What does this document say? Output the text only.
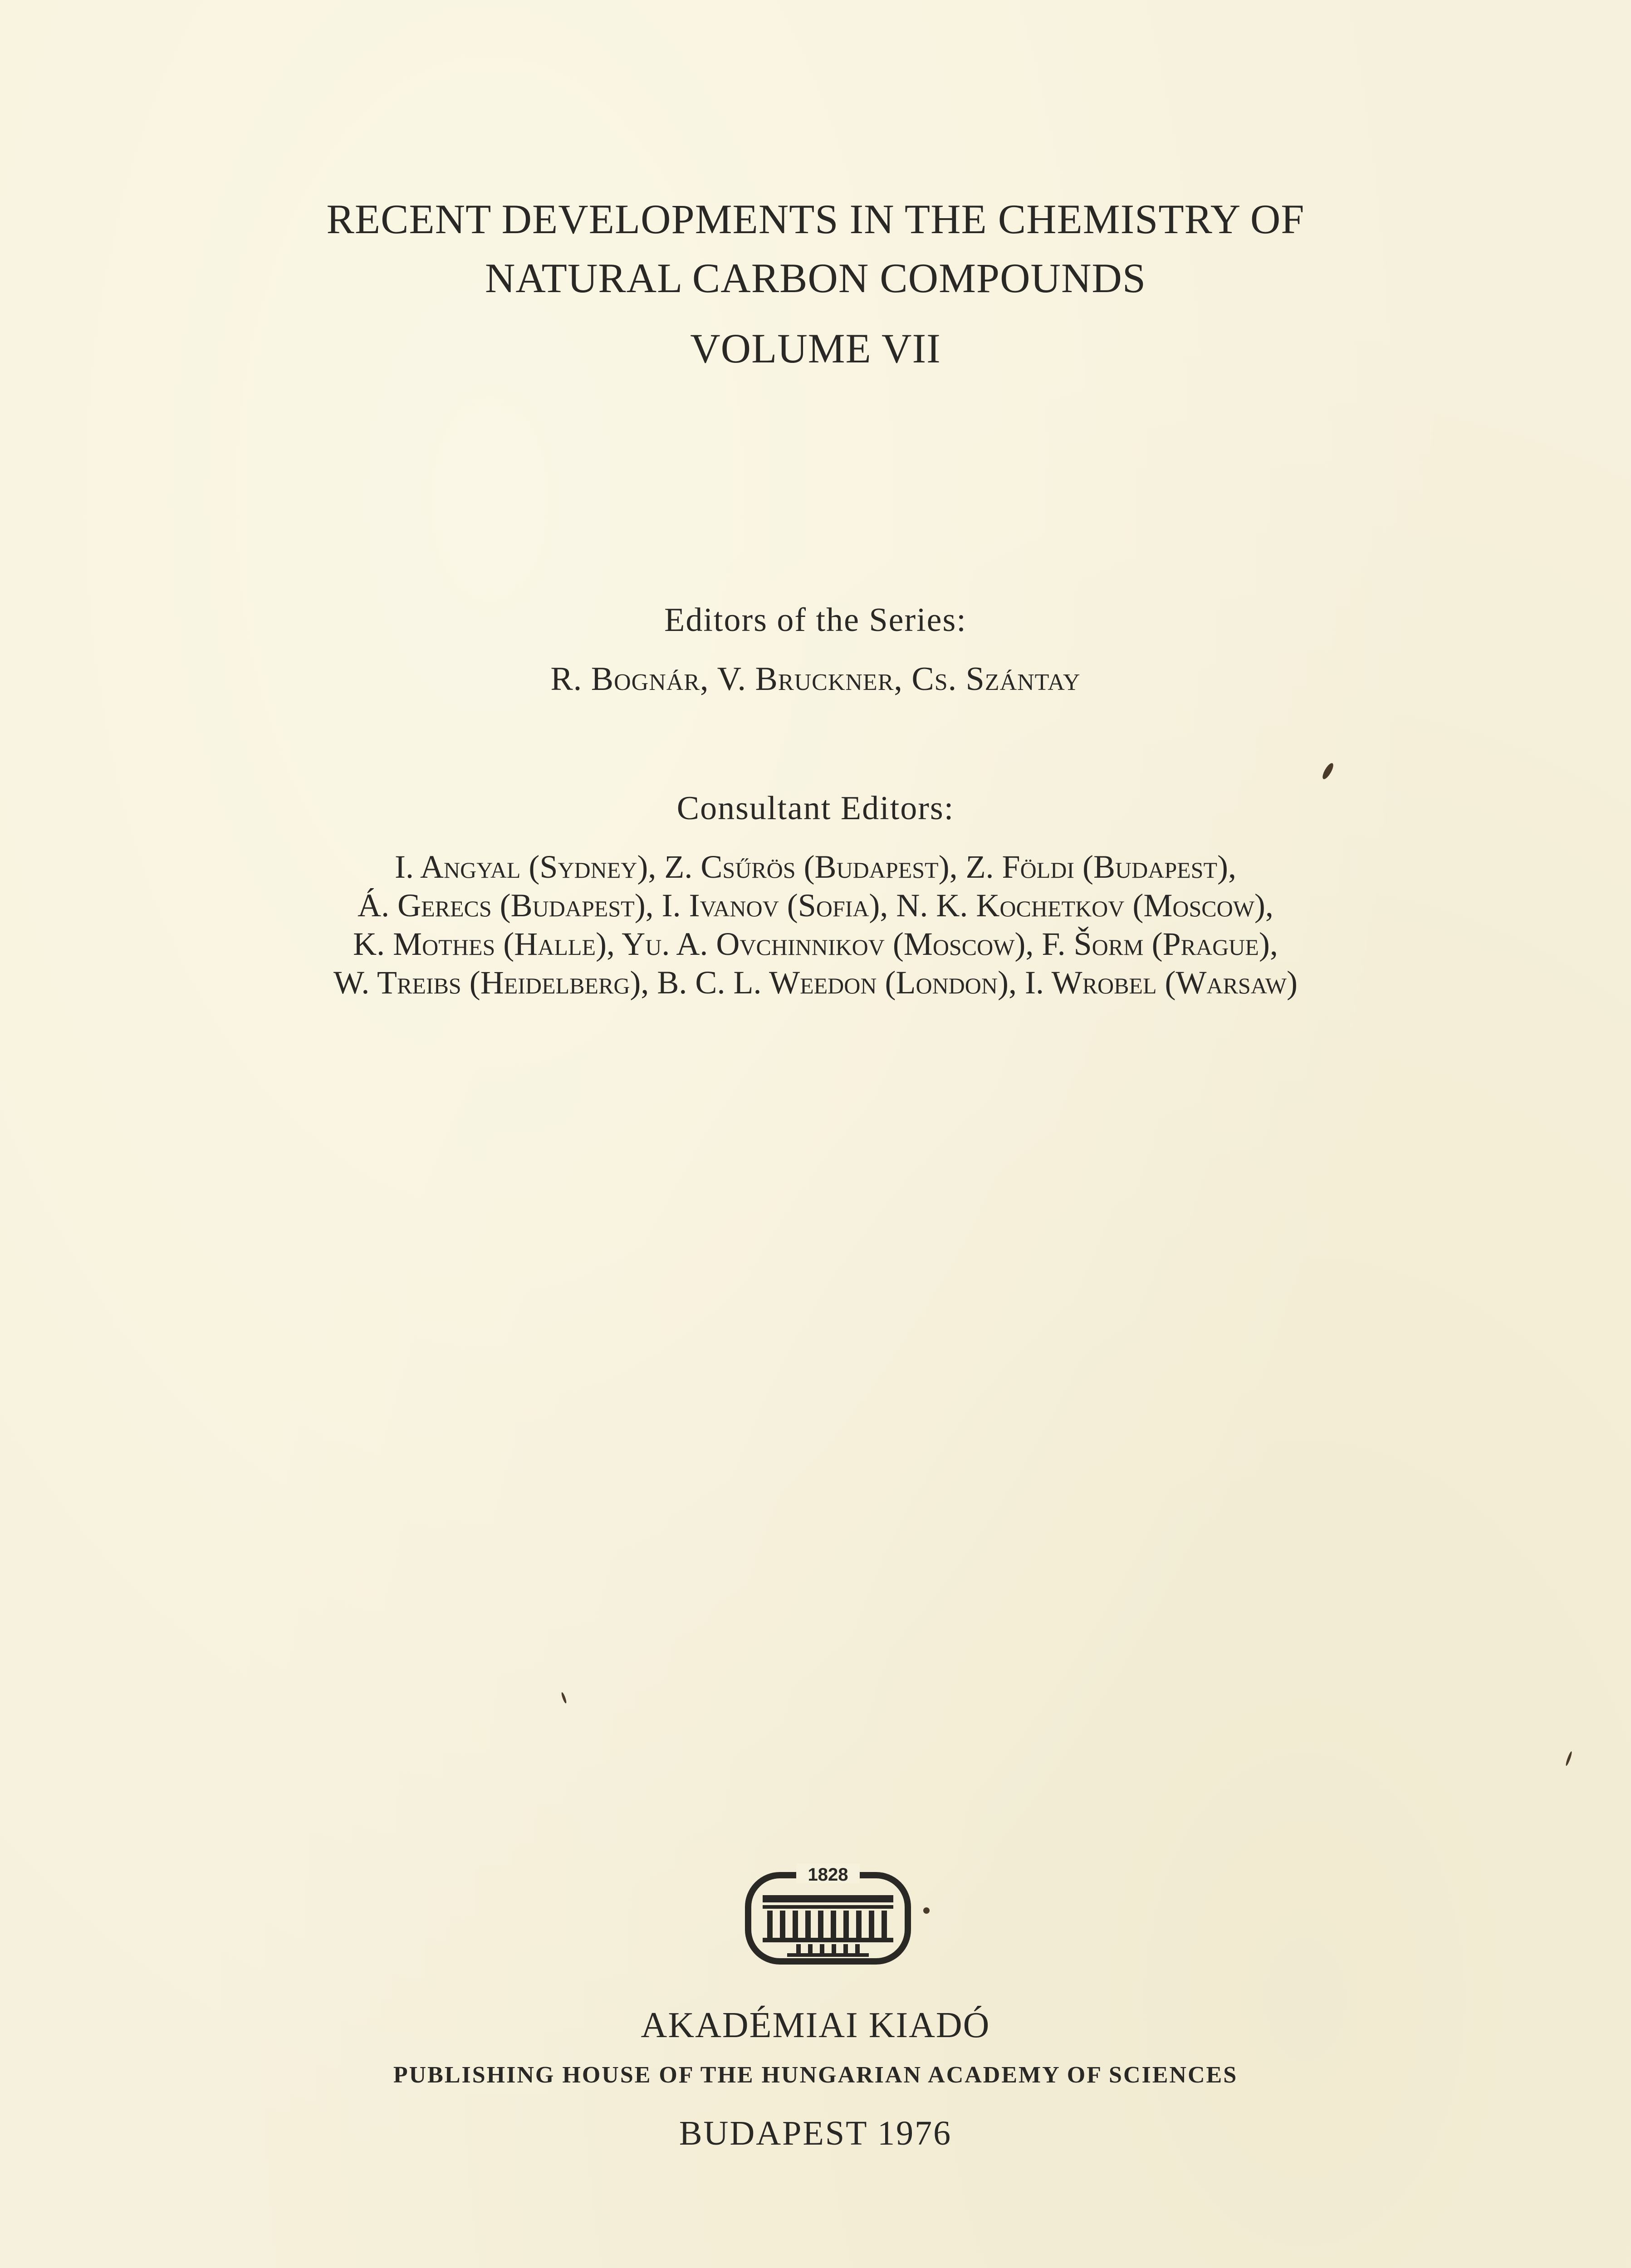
RECENT DEVELOPMENTS IN THE CHEMISTRY OF
NATURAL CARBON COMPOUNDS
VOLUME VII
Editors of the Series:
R. Bognár, V. Bruckner, Cs. Szántay
Consultant Editors:
I. Angyal (Sydney), Z. Csűrös (Budapest), Z. Földi (Budapest),
Á. Gerecs (Budapest), I. Ivanov (Sofia), N. K. Kochetkov (Moscow),
K. Mothes (Halle), Yu. A. Ovchinnikov (Moscow), F. Šorm (Prague),
W. Treibs (Heidelberg), B. C. L. Weedon (London), I. Wrobel (Warsaw)
1828
AKADÉMIAI KIADÓ
PUBLISHING HOUSE OF THE HUNGARIAN ACADEMY OF SCIENCES
BUDAPEST 1976
